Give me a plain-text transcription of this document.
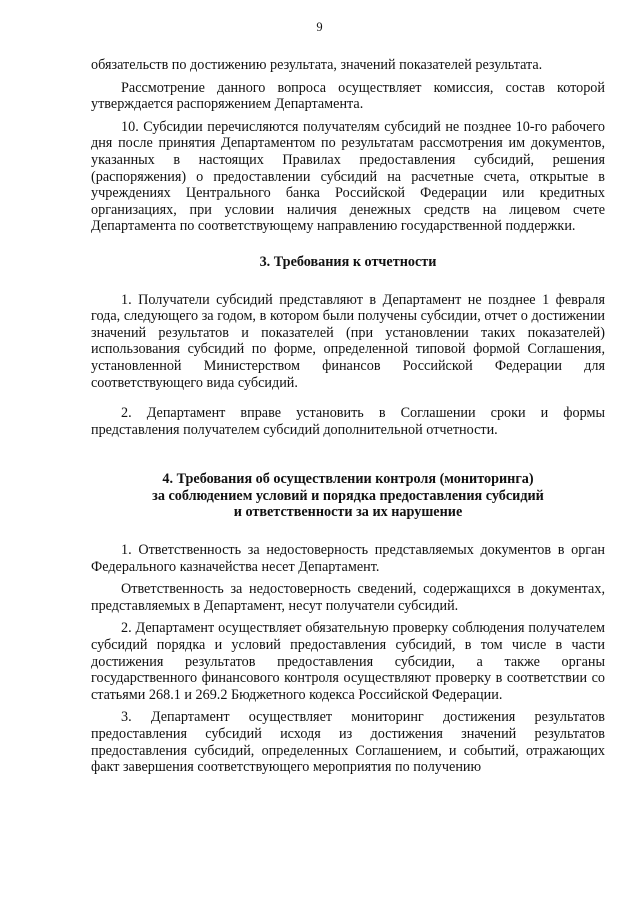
9

обязательств по достижению результата, значений показателей результата.

Рассмотрение данного вопроса осуществляет комиссия, состав которой утверждается распоряжением Департамента.

10. Субсидии перечисляются получателям субсидий не позднее 10-го рабочего дня после принятия Департаментом по результатам рассмотрения им документов, указанных в настоящих Правилах предоставления субсидий, решения (распоряжения) о предоставлении субсидий на расчетные счета, открытые в учреждениях Центрального банка Российской Федерации или кредитных организациях, при условии наличия денежных средств на лицевом счете Департамента по соответствующему направлению государственной поддержки.

3. Требования к отчетности

1. Получатели субсидий представляют в Департамент не позднее 1 февраля года, следующего за годом, в котором были получены субсидии, отчет о достижении значений результатов и показателей (при установлении таких показателей) использования субсидий по форме, определенной типовой формой Соглашения, установленной Министерством финансов Российской Федерации для соответствующего вида субсидий.

2. Департамент вправе установить в Соглашении сроки и формы представления получателем субсидий дополнительной отчетности.

4. Требования об осуществлении контроля (мониторинга)
за соблюдением условий и порядка предоставления субсидий
и ответственности за их нарушение

1. Ответственность за недостоверность представляемых документов в орган Федерального казначейства несет Департамент.

Ответственность за недостоверность сведений, содержащихся в документах, представляемых в Департамент, несут получатели субсидий.

2. Департамент осуществляет обязательную проверку соблюдения получателем субсидий порядка и условий предоставления субсидий, в том числе в части достижения результатов предоставления субсидии, а также органы государственного финансового контроля осуществляют проверку в соответствии со статьями 268.1 и 269.2 Бюджетного кодекса Российской Федерации.

3. Департамент осуществляет мониторинг достижения результатов предоставления субсидий исходя из достижения значений результатов предоставления субсидий, определенных Соглашением, и событий, отражающих факт завершения соответствующего мероприятия по получению
